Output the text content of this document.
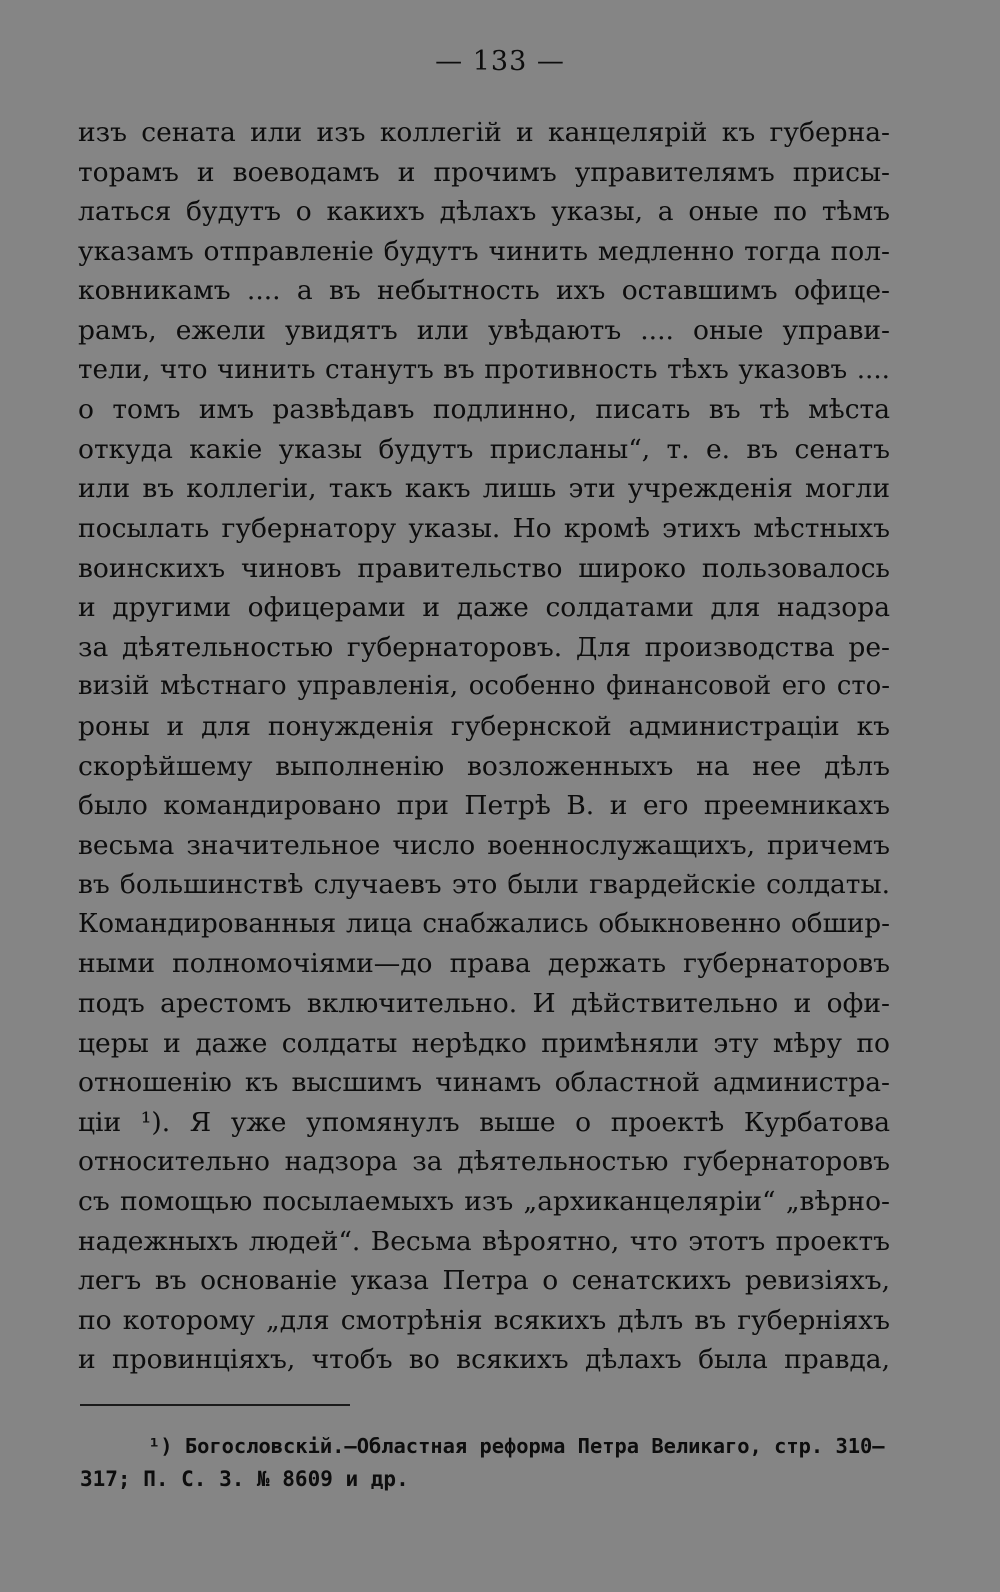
— 133 —
изъ сената или изъ коллегій и канцелярій къ губерна-
торамъ и воеводамъ и прочимъ управителямъ присы-
латься будутъ о какихъ дѣлахъ указы, а оные по тѣмъ
указамъ отправленіе будутъ чинить медленно тогда пол-
ковникамъ .... а въ небытность ихъ оставшимъ офице-
рамъ, ежели увидятъ или увѣдаютъ .... оные управи-
тели, что чинить станутъ въ противность тѣхъ указовъ ....
о томъ имъ развѣдавъ подлинно, писать въ тѣ мѣста
откуда какіе указы будутъ присланы“, т. е. въ сенатъ
или въ коллегіи, такъ какъ лишь эти учрежденія могли
посылать губернатору указы. Но кромѣ этихъ мѣстныхъ
воинскихъ чиновъ правительство широко пользовалось
и другими офицерами и даже солдатами для надзора
за дѣятельностью губернаторовъ. Для производства ре-
визій мѣстнаго управленія, особенно финансовой его сто-
роны и для понужденія губернской администраціи къ
скорѣйшему выполненію возложенныхъ на нее дѣлъ
было командировано при Петрѣ В. и его преемникахъ
весьма значительное число военнослужащихъ, причемъ
въ большинствѣ случаевъ это были гвардейскіе солдаты.
Командированныя лица снабжались обыкновенно обшир-
ными полномочіями—до права держать губернаторовъ
подъ арестомъ включительно. И дѣйствительно и офи-
церы и даже солдаты нерѣдко примѣняли эту мѣру по
отношенію къ высшимъ чинамъ областной администра-
ціи ¹). Я уже упомянулъ выше о проектѣ Курбатова
относительно надзора за дѣятельностью губернаторовъ
съ помощью посылаемыхъ изъ „архиканцеляріи“ „вѣрно-
надежныхъ людей“. Весьма вѣроятно, что этотъ проектъ
легъ въ основаніе указа Петра о сенатскихъ ревизіяхъ,
по которому „для смотрѣнія всякихъ дѣлъ въ губерніяхъ
и провинціяхъ, чтобъ во всякихъ дѣлахъ была правда,
¹) Богословскій.—Областная реформа Петра Великаго, стр. 310—
317; П. С. З. № 8609 и др.
